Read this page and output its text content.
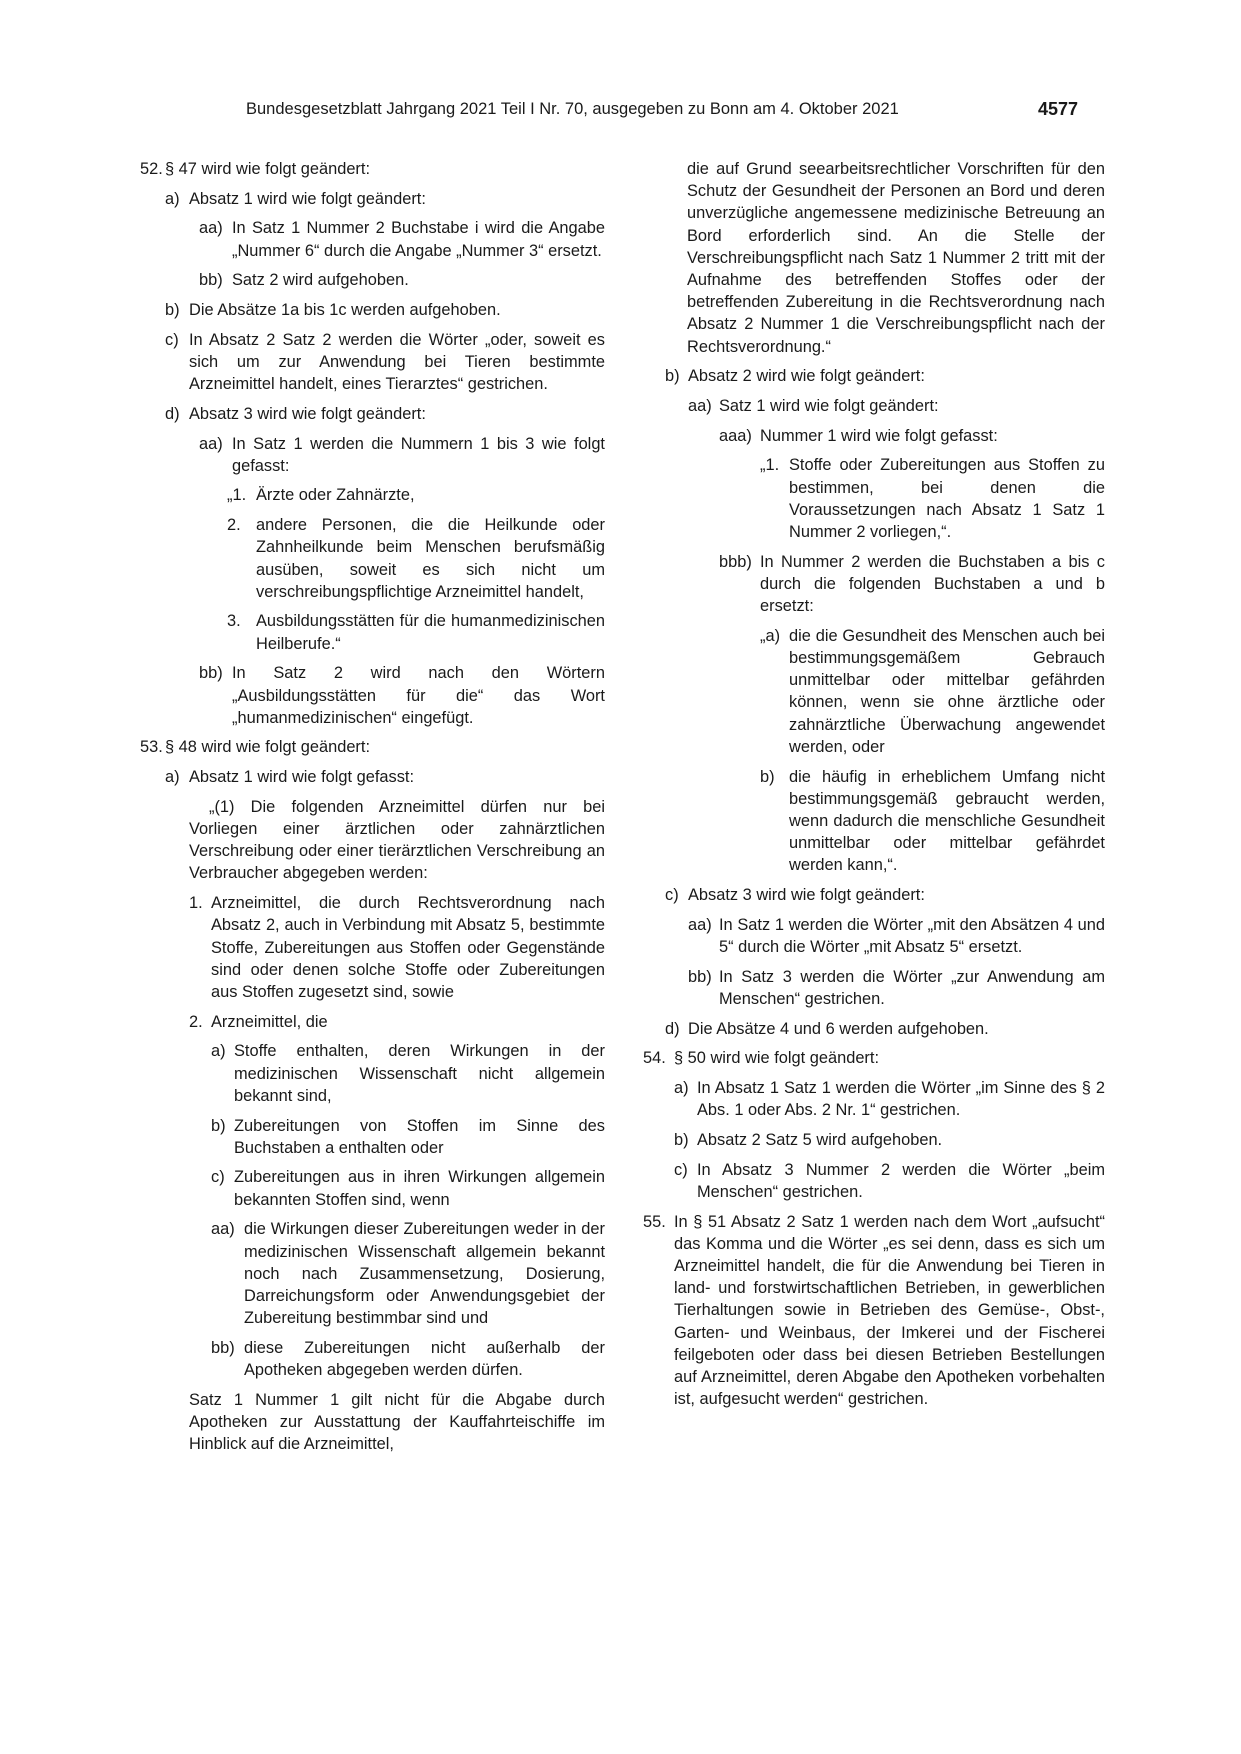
Bundesgesetzblatt Jahrgang 2021 Teil I Nr. 70, ausgegeben zu Bonn am 4. Oktober 2021	4577
52. § 47 wird wie folgt geändert:
a) Absatz 1 wird wie folgt geändert:
aa) In Satz 1 Nummer 2 Buchstabe i wird die Angabe „Nummer 6“ durch die Angabe „Nummer 3“ ersetzt.
bb) Satz 2 wird aufgehoben.
b) Die Absätze 1a bis 1c werden aufgehoben.
c) In Absatz 2 Satz 2 werden die Wörter „oder, soweit es sich um zur Anwendung bei Tieren bestimmte Arzneimittel handelt, eines Tierarztes“ gestrichen.
d) Absatz 3 wird wie folgt geändert:
aa) In Satz 1 werden die Nummern 1 bis 3 wie folgt gefasst:
„1. Ärzte oder Zahnärzte,
2. andere Personen, die die Heilkunde oder Zahnheilkunde beim Menschen berufsmäßig ausüben, soweit es sich nicht um verschreibungspflichtige Arzneimittel handelt,
3. Ausbildungsstätten für die humanmedizinischen Heilberufe.“
bb) In Satz 2 wird nach den Wörtern „Ausbildungsstätten für die“ das Wort „humanmedizinischen“ eingefügt.
53. § 48 wird wie folgt geändert:
a) Absatz 1 wird wie folgt gefasst:
„(1) Die folgenden Arzneimittel dürfen nur bei Vorliegen einer ärztlichen oder zahnärztlichen Verschreibung oder einer tierärztlichen Verschreibung an Verbraucher abgegeben werden:
1. Arzneimittel, die durch Rechtsverordnung nach Absatz 2, auch in Verbindung mit Absatz 5, bestimmte Stoffe, Zubereitungen aus Stoffen oder Gegenstände sind oder denen solche Stoffe oder Zubereitungen aus Stoffen zugesetzt sind, sowie
2. Arzneimittel, die
a) Stoffe enthalten, deren Wirkungen in der medizinischen Wissenschaft nicht allgemein bekannt sind,
b) Zubereitungen von Stoffen im Sinne des Buchstaben a enthalten oder
c) Zubereitungen aus in ihren Wirkungen allgemein bekannten Stoffen sind, wenn
aa) die Wirkungen dieser Zubereitungen weder in der medizinischen Wissenschaft allgemein bekannt noch nach Zusammensetzung, Dosierung, Darreichungsform oder Anwendungsgebiet der Zubereitung bestimmbar sind und
bb) diese Zubereitungen nicht außerhalb der Apotheken abgegeben werden dürfen.
Satz 1 Nummer 1 gilt nicht für die Abgabe durch Apotheken zur Ausstattung der Kauffahrteischiffe im Hinblick auf die Arzneimittel,
die auf Grund seearbeitsrechtlicher Vorschriften für den Schutz der Gesundheit der Personen an Bord und deren unverzügliche angemessene medizinische Betreuung an Bord erforderlich sind. An die Stelle der Verschreibungspflicht nach Satz 1 Nummer 2 tritt mit der Aufnahme des betreffenden Stoffes oder der betreffenden Zubereitung in die Rechtsverordnung nach Absatz 2 Nummer 1 die Verschreibungspflicht nach der Rechtsverordnung.“
b) Absatz 2 wird wie folgt geändert:
aa) Satz 1 wird wie folgt geändert:
aaa) Nummer 1 wird wie folgt gefasst:
„1. Stoffe oder Zubereitungen aus Stoffen zu bestimmen, bei denen die Voraussetzungen nach Absatz 1 Satz 1 Nummer 2 vorliegen,“.
bbb) In Nummer 2 werden die Buchstaben a bis c durch die folgenden Buchstaben a und b ersetzt:
„a) die die Gesundheit des Menschen auch bei bestimmungsgemäßem Gebrauch unmittelbar oder mittelbar gefährden können, wenn sie ohne ärztliche oder zahnärztliche Überwachung angewendet werden, oder
b) die häufig in erheblichem Umfang nicht bestimmungsgemäß gebraucht werden, wenn dadurch die menschliche Gesundheit unmittelbar oder mittelbar gefährdet werden kann,“.
c) Absatz 3 wird wie folgt geändert:
aa) In Satz 1 werden die Wörter „mit den Absätzen 4 und 5“ durch die Wörter „mit Absatz 5“ ersetzt.
bb) In Satz 3 werden die Wörter „zur Anwendung am Menschen“ gestrichen.
d) Die Absätze 4 und 6 werden aufgehoben.
54. § 50 wird wie folgt geändert:
a) In Absatz 1 Satz 1 werden die Wörter „im Sinne des § 2 Abs. 1 oder Abs. 2 Nr. 1“ gestrichen.
b) Absatz 2 Satz 5 wird aufgehoben.
c) In Absatz 3 Nummer 2 werden die Wörter „beim Menschen“ gestrichen.
55. In § 51 Absatz 2 Satz 1 werden nach dem Wort „aufsucht“ das Komma und die Wörter „es sei denn, dass es sich um Arzneimittel handelt, die für die Anwendung bei Tieren in land- und forstwirtschaftlichen Betrieben, in gewerblichen Tierhaltungen sowie in Betrieben des Gemüse-, Obst-, Garten- und Weinbaus, der Imkerei und der Fischerei feilgeboten oder dass bei diesen Betrieben Bestellungen auf Arzneimittel, deren Abgabe den Apotheken vorbehalten ist, aufgesucht werden“ gestrichen.
